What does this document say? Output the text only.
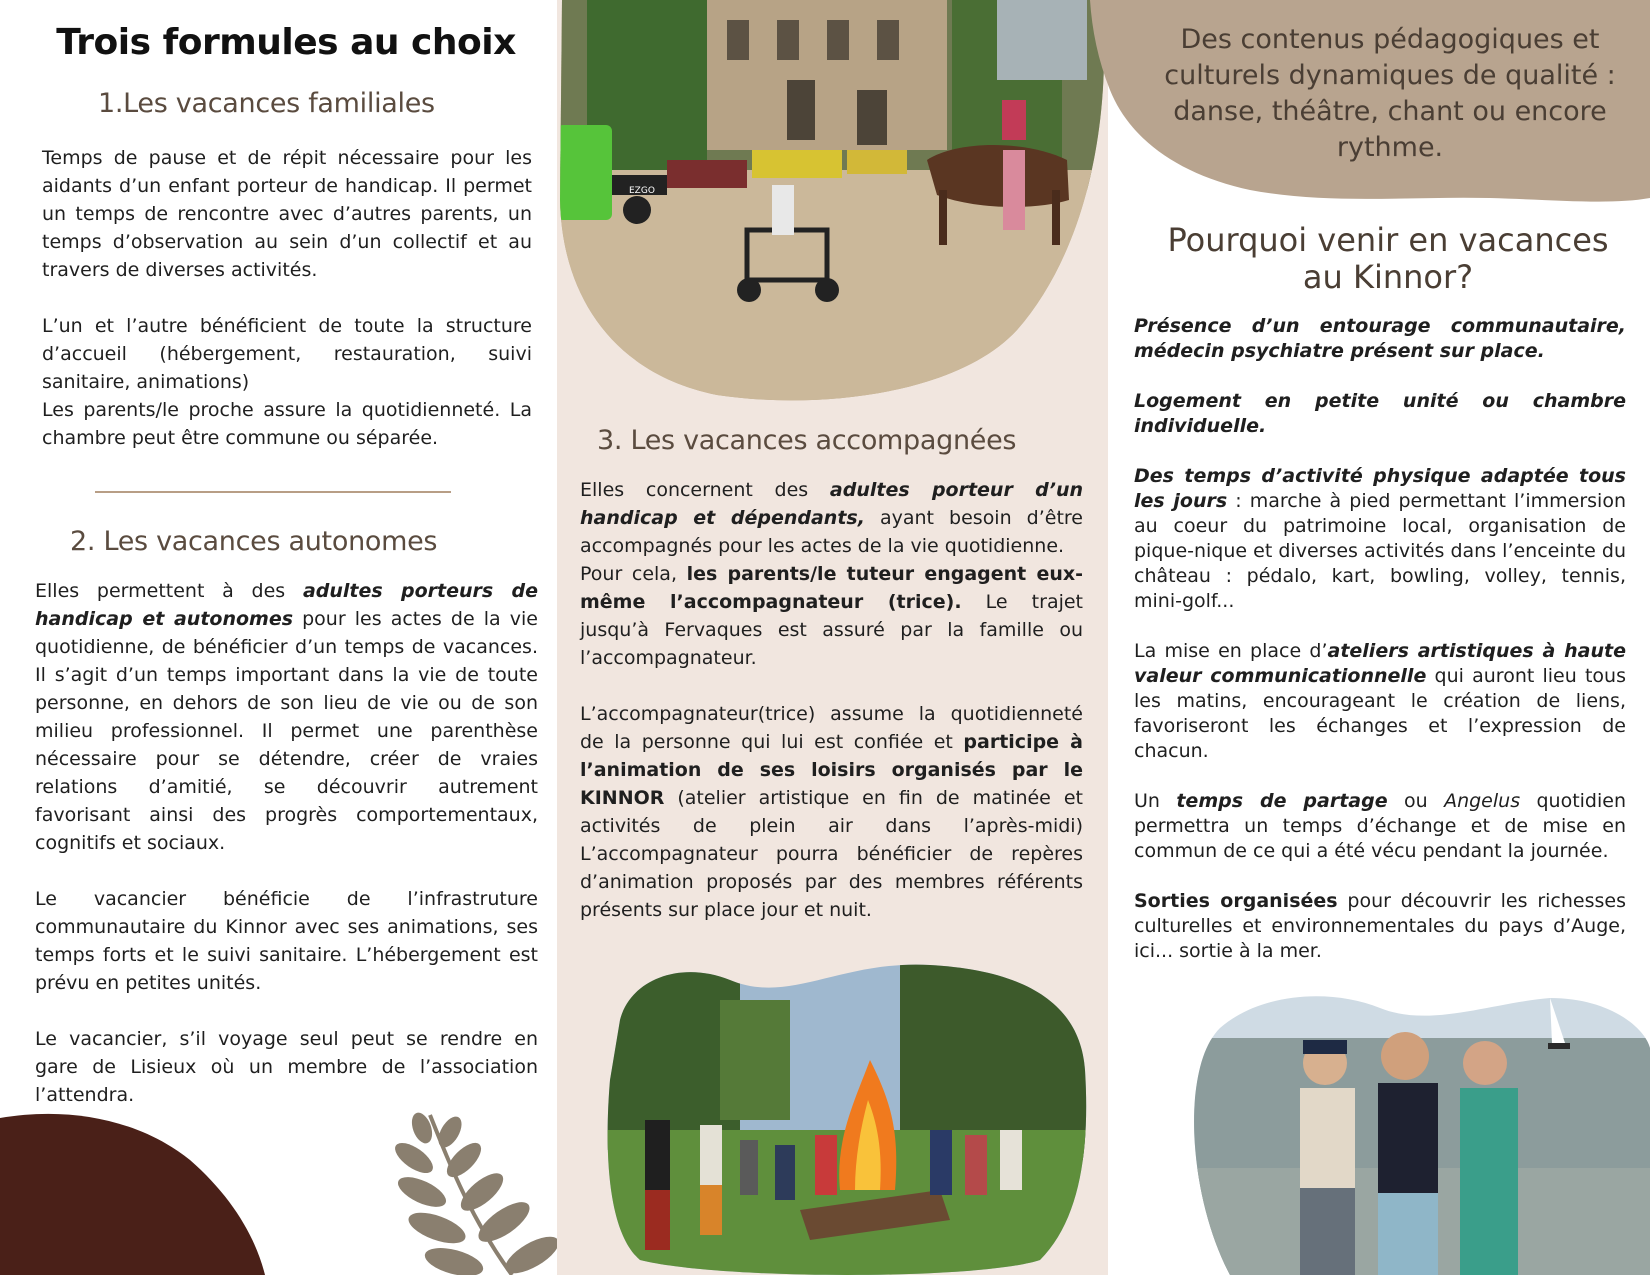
Trois formules au choix
1.Les vacances familiales

Temps de pause et de répit nécessaire pour les aidants d’un enfant porteur de handicap. Il permet un temps de rencontre avec d’autres parents, un temps d’observation au sein d’un collectif et au travers de diverses activités.

L’un et l’autre bénéficient de toute la structure d’accueil (hébergement, restauration, suivi sanitaire, animations)

Les parents/le proche assure la quotidienneté. La chambre peut être commune ou séparée.

2. Les vacances autonomes

Elles permettent à des adultes porteurs de handicap et autonomes pour les actes de la vie quotidienne, de bénéficier d’un temps de vacances. Il s’agit d’un temps important dans la vie de toute personne, en dehors de son lieu de vie ou de son milieu professionnel. Il permet une parenthèse nécessaire pour se détendre, créer de vraies relations d’amitié, se découvrir autrement favorisant ainsi des progrès comportementaux, cognitifs et sociaux.

Le vacancier bénéficie de l’infrastruture communautaire du Kinnor avec ses animations, ses temps forts et le suivi sanitaire. L’hébergement est prévu en petites unités.

Le vacancier, s’il voyage seul peut se rendre en gare de Lisieux où un membre de l’association l’attendra.

EZGO
3. Les vacances accompagnées

Elles concernent des adultes porteur d’un handicap et dépendants, ayant besoin d’être accompagnés pour les actes de la vie quotidienne.

Pour cela, les parents/le tuteur engagent eux-même l’accompagnateur (trice). Le trajet jusqu’à Fervaques est assuré par la famille ou l’accompagnateur.

L’accompagnateur(trice) assume la quotidienneté de la personne qui lui est confiée et participe à l’animation de ses loisirs organisés par le KINNOR (atelier artistique en fin de matinée et activités de plein air dans l’après-midi) L’accompagnateur pourra bénéficier de repères d’animation proposés par des membres référents présents sur place jour et nuit.

Des contenus pédagogiques et culturels dynamiques de qualité : danse, théâtre, chant ou encore rythme.

Pourquoi venir en vacances au Kinnor?

Présence d’un entourage communautaire, médecin psychiatre présent sur place.

Logement en petite unité ou chambre individuelle.

Des temps d’activité physique adaptée tous les jours : marche à pied permettant l’immersion au coeur du patrimoine local, organisation de pique-nique et diverses activités dans l’enceinte du château : pédalo, kart, bowling, volley, tennis, mini-golf...

La mise en place d’ateliers artistiques à haute valeur communicationnelle qui auront lieu tous les matins, encourageant le création de liens, favoriseront les échanges et l’expression de chacun.

Un temps de partage ou Angelus quotidien permettra un temps d’échange et de mise en commun de ce qui a été vécu pendant la journée.

Sorties organisées pour découvrir les richesses culturelles et environnementales du pays d’Auge, ici... sortie à la mer.
